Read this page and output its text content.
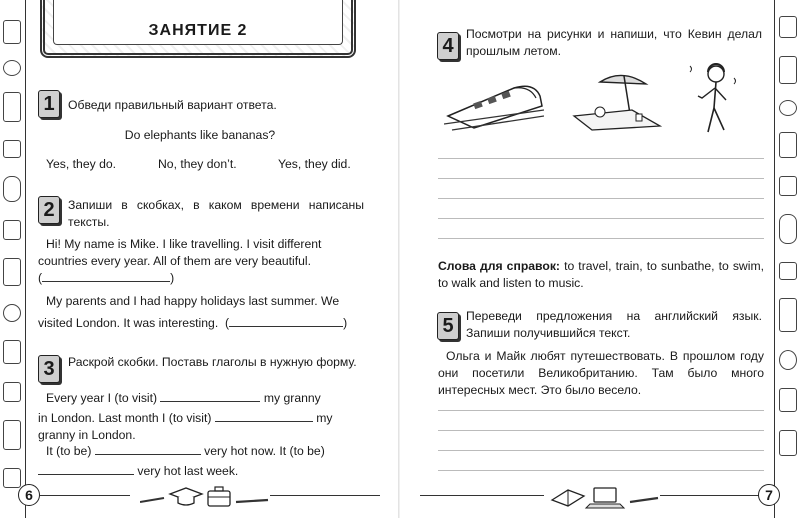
ЗАНЯТИЕ 2
1	Обведи правильный вариант ответа.
Do elephants like bananas?
Yes, they do.	No, they don’t.	Yes, they did.
2	Запиши в скобках, в каком времени написаны тексты.
Hi! My name is Mike. I like travelling. I visit different
countries every year. All of them are very beautiful.
(	)
My parents and I had happy holidays last summer. We
visited London. It was interesting.  (	)
3	Раскрой скобки. Поставь глаголы в нужную форму.
Every year I (to visit)	my granny
in London. Last month I (to visit)	my
granny in London.
It (to be)	very hot now. It (to be)
very hot last week.
6
4
Посмотри на рисунки и напиши, что Кевин делал прошлым летом.
Слова для справок: to travel, train, to sunbathe, to swim, to walk and listen to music.
5	Переведи предложения на английский язык. Запиши получившийся текст.
Ольга и Майк любят путешествовать. В прошлом году они посетили Великобританию. Там было много интересных мест. Это было весело.
7
